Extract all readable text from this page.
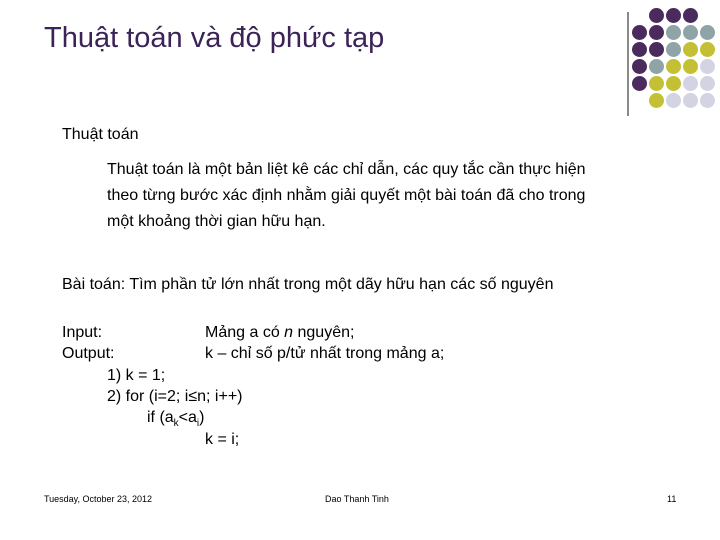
Thuật toán và độ phức tạp
Thuật toán
Thuật toán là một bản liệt kê các chỉ dẫn, các quy tắc cần thực hiện
theo từng bước xác định nhằm giải quyết một bài toán đã cho trong
một khoảng thời gian hữu hạn.
Bài toán: Tìm phần tử lớn nhất trong một dãy hữu hạn các số nguyên
Input:	Mảng a có n nguyên;
Output:	k – chỉ số p/tử nhất trong mảng a;
1) k = 1;
2) for (i=2; i≤n; i++)
if $(a_k<a_i)$
k = i;
Tuesday, October 23, 2012	Dao Thanh Tinh	11
